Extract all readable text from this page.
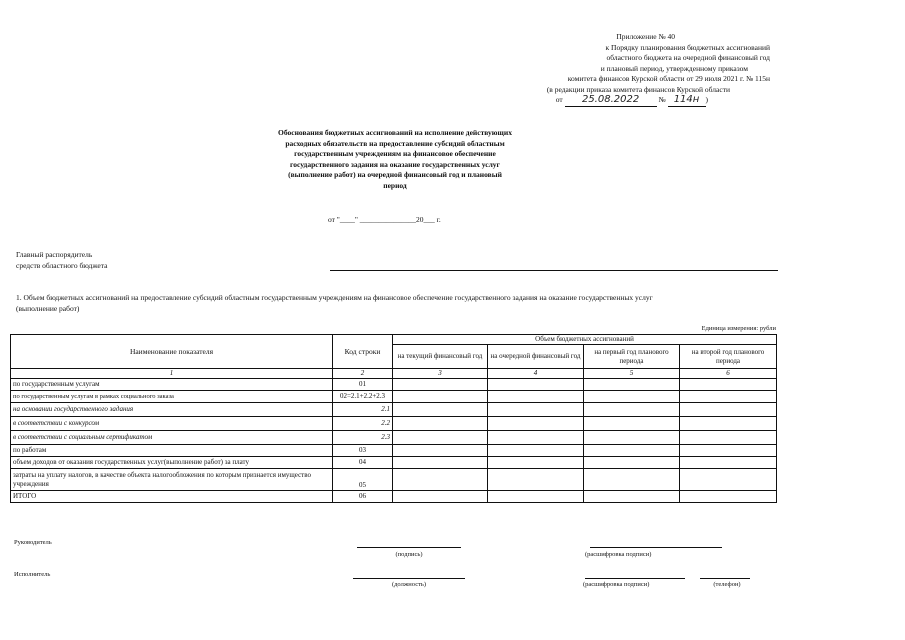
Приложение № 40
к Порядку планирования бюджетных ассигнований
областного бюджета на очередной финансовый год
и плановый период, утвержденному приказом
комитета финансов Курской области от 29 июля 2021 г. № 115н
(в редакции приказа комитета финансов Курской области
от 25.08.2022	№ 114н )
Обоснования бюджетных ассигнований на исполнение действующих
расходных обязательств на предоставление субсидий областным
государственным учреждениям на финансовое обеспечение
государственного задания на оказание государственных услуг
(выполнение работ) на очередной финансовый год и плановый
период
от "____" _______________20___ г.
Главный распорядитель
средств областного бюджета
1. Объем бюджетных ассигнований на предоставление субсидий областным государственным учреждениям на финансовое обеспечение государственного задания на оказание государственных услуг
(выполнение работ)
Единица измерения: рубли
Наименование показателя	Код строки	Объем бюджетных ассигнований			
		на текущий финансовый год	на очередной финансовый год	на первый год планового периода	на второй год планового периода
1	2	3	4	5	6
по государственным услугам	01				
по государственным услугам в рамках социального заказа	02=2.1+2.2+2.3				
на основании государственного задания	2.1				
в соответствии с конкурсом	2.2				
в соответствии с социальным сертификатом	2.3				
по работам	03				
объем доходов от оказания государственных услуг(выполнение работ) за плату	04				
затраты на уплату налогов, в качестве объекта налогообложения по которым признается имущество учреждения	05				
ИТОГО	06				
Руководитель
(подпись)	(расшифровка подписи)
Исполнитель
(должность)	(расшифровка подписи)	(телефон)
